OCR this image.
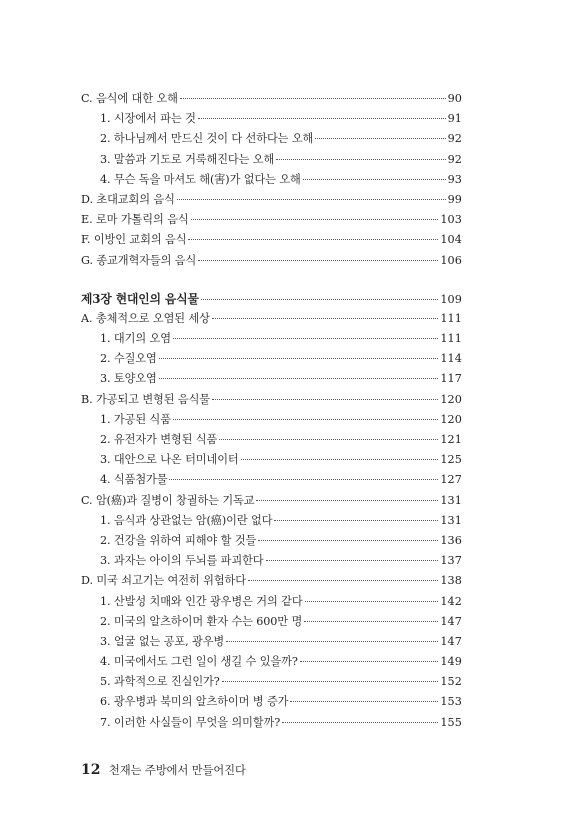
C. 음식에 대한 오해	90
1. 시장에서 파는 것	91
2. 하나님께서 만드신 것이 다 선하다는 오해	92
3. 말씀과 기도로 거룩해진다는 오해	92
4. 무슨 독을 마셔도 해(害)가 없다는 오해	93
D. 초대교회의 음식	99
E. 로마 가톨릭의 음식	103
F. 이방인 교회의 음식	104
G. 종교개혁자들의 음식	106
제3장 현대인의 음식물	109
A. 총체적으로 오염된 세상	111
1. 대기의 오염	111
2. 수질오염	114
3. 토양오염	117
B. 가공되고 변형된 음식물	120
1. 가공된 식품	120
2. 유전자가 변형된 식품	121
3. 대안으로 나온 터미네이터	125
4. 식품첨가물	127
C. 암(癌)과 질병이 창궐하는 기독교	131
1. 음식과 상관없는 암(癌)이란 없다	131
2. 건강을 위하여 피해야 할 것들	136
3. 과자는 아이의 두뇌를 파괴한다	137
D. 미국 쇠고기는 여전히 위험하다	138
1. 산발성 치매와 인간 광우병은 거의 같다	142
2. 미국의 알츠하이머 환자 수는 600만 명	147
3. 얼굴 없는 공포, 광우병	147
4. 미국에서도 그런 일이 생길 수 있을까?	149
5. 과학적으로 진실인가?	152
6. 광우병과 북미의 알츠하이머 병 증가	153
7. 이러한 사실들이 무엇을 의미할까?	155
12 천재는 주방에서 만들어진다
